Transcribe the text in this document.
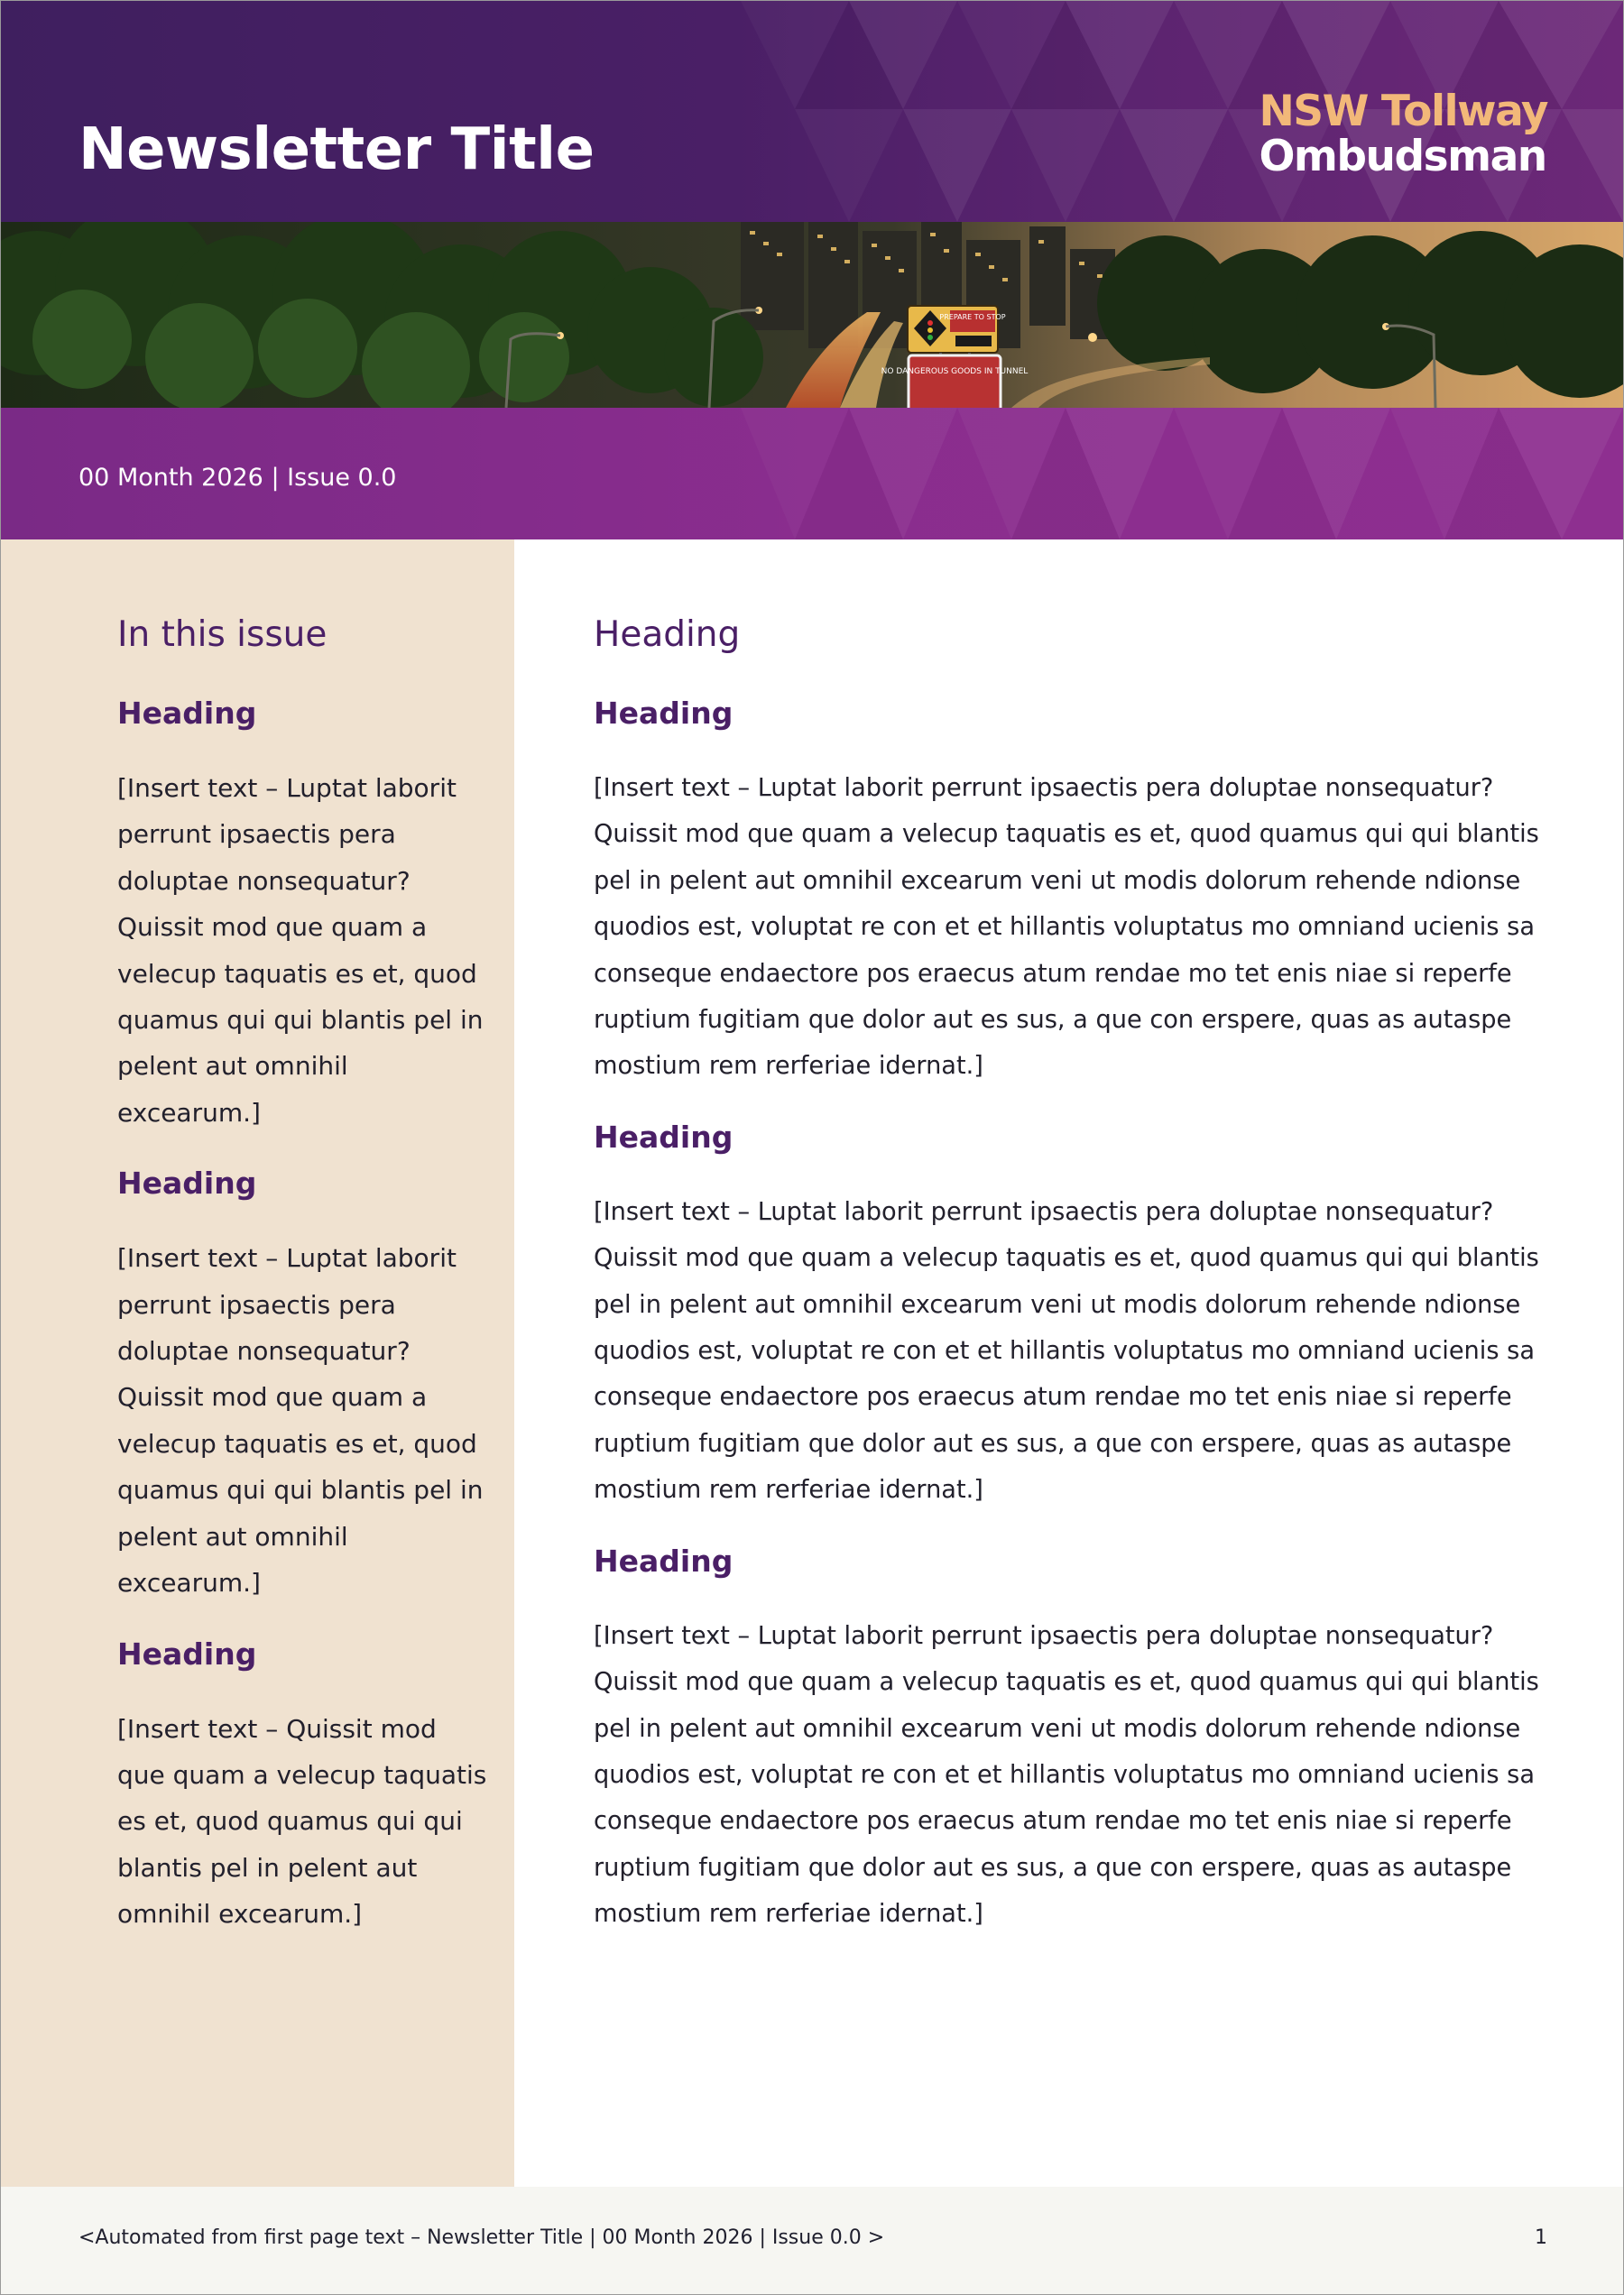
Newsletter Title
NSW Tollway
Ombudsman
PREPARE TO STOP
NO DANGEROUS GOODS IN TUNNEL
00 Month 2026 | Issue 0.0
In this issue
Heading

[Insert text – Luptat laborit perrunt ipsaectis pera doluptae nonsequatur? Quissit mod que quam a velecup taquatis es et, quod quamus qui qui blantis pel in pelent aut omnihil excearum.]

Heading

[Insert text – Luptat laborit perrunt ipsaectis pera doluptae nonsequatur? Quissit mod que quam a velecup taquatis es et, quod quamus qui qui blantis pel in pelent aut omnihil excearum.]

Heading

[Insert text – Quissit mod que quam a velecup taquatis es et, quod quamus qui qui blantis pel in pelent aut omnihil excearum.]

Heading
Heading

[Insert text – Luptat laborit perrunt ipsaectis pera doluptae nonsequatur? Quissit mod que quam a velecup taquatis es et, quod quamus qui qui blantis pel in pelent aut omnihil excearum veni ut modis dolorum rehende ndionse quodios est, voluptat re con et et hillantis voluptatus mo omniand ucienis sa conseque endaectore pos eraecus atum rendae mo tet enis niae si reperfe ruptium fugitiam que dolor aut es sus, a que con erspere, quas as autaspe mostium rem rerferiae idernat.]

Heading

[Insert text – Luptat laborit perrunt ipsaectis pera doluptae nonsequatur? Quissit mod que quam a velecup taquatis es et, quod quamus qui qui blantis pel in pelent aut omnihil excearum veni ut modis dolorum rehende ndionse quodios est, voluptat re con et et hillantis voluptatus mo omniand ucienis sa conseque endaectore pos eraecus atum rendae mo tet enis niae si reperfe ruptium fugitiam que dolor aut es sus, a que con erspere, quas as autaspe mostium rem rerferiae idernat.]

Heading

[Insert text – Luptat laborit perrunt ipsaectis pera doluptae nonsequatur? Quissit mod que quam a velecup taquatis es et, quod quamus qui qui blantis pel in pelent aut omnihil excearum veni ut modis dolorum rehende ndionse quodios est, voluptat re con et et hillantis voluptatus mo omniand ucienis sa conseque endaectore pos eraecus atum rendae mo tet enis niae si reperfe ruptium fugitiam que dolor aut es sus, a que con erspere, quas as autaspe mostium rem rerferiae idernat.]

<Automated from first page text – Newsletter Title | 00 Month 2026 | Issue 0.0 >	1
